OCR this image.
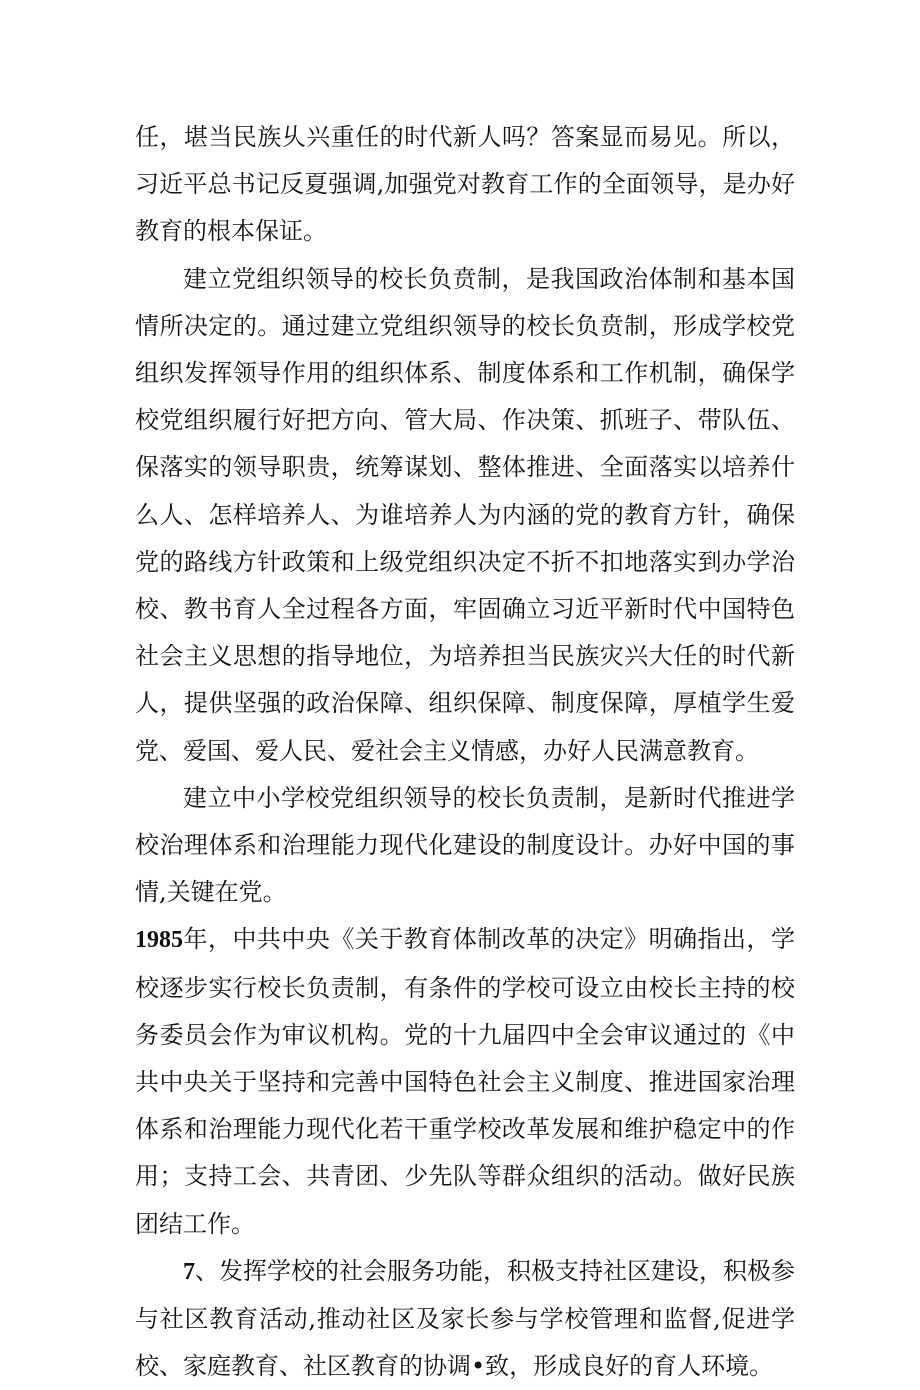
任，堪当民族乆兴重任的时代新人吗？答案显而易见。所以，习近平总书记反夏强调,加强党对教育工作的全面领导，是办好教育的根本保证。

建立党组织领导的校长负贲制，是我国政治体制和基本国情所决定的。通过建立党组织领导的校长负贲制，形成学校党组织发挥领导作用的组织体系、制度体系和工作机制，确保学校党组织履行好把方向、管大局、作决策、抓班子、带队伍、保落实的领导职贵，统筹谋划、整体推进、全面落实以培养什么人、怎样培养人、为谁培养人为内涵的党的教育方针，确保党的路线方针政策和上级党组织决定不折不扣地落实到办学治校、教书育人全过程各方面，牢固确立习近平新时代中国特色社会主义思想的指导地位，为培养担当民族灾兴大任的时代新人，提供坚强的政治保障、组织保障、制度保障，厚植学生爱党、爱国、爱人民、爱社会主义情感，办好人民满意教育。

建立中小学校党组织领导的校长负责制，是新时代推进学校治理体系和治理能力现代化建设的制度设计。办好中国的事情,关键在党。

1985年，中共中央《关于教育体制改革的决定》明确指出，学校逐步实行校长负责制，有条件的学校可设立由校长主持的校务委员会作为审议机构。党的十九届四中全会审议通过的《中共中央关于坚持和完善中国特色社会主义制度、推进国家治理体系和治理能力现代化若干重学校改革发展和维护稳定中的作用；支持工会、共青团、少先队等群众组织的活动。做好民族团结工作。

7、发挥学校的社会服务功能，积极支持社区建设，积极参与社区教育活动,推动社区及家长参与学校管理和监督,促进学校、家庭教育、社区教育的协调•致，形成良好的育人环境。
